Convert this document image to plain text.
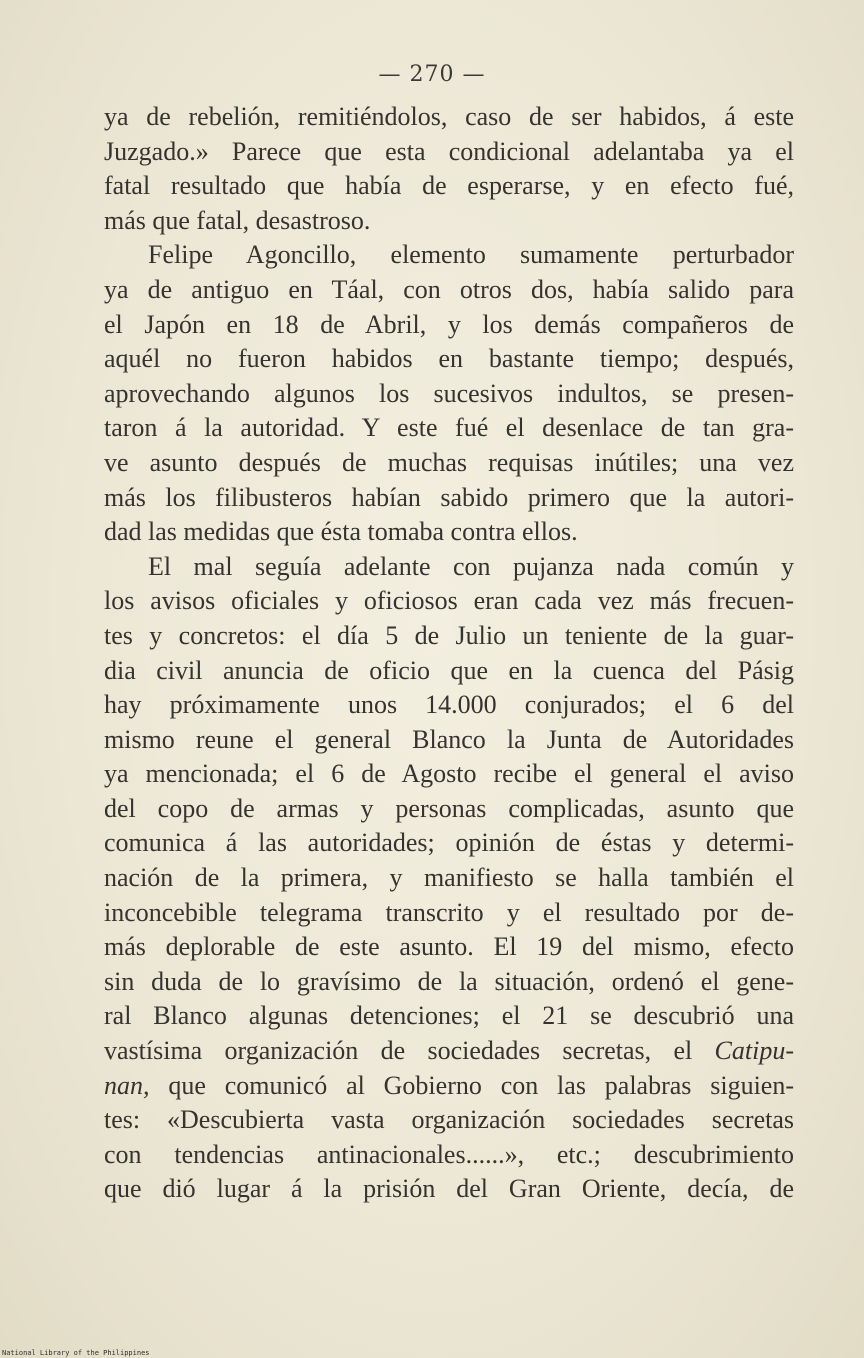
— 270 —
ya de rebelión, remitiéndolos, caso de ser habidos, á este
Juzgado.» Parece que esta condicional adelantaba ya el
fatal resultado que había de esperarse, y en efecto fué,
más que fatal, desastroso.
Felipe Agoncillo, elemento sumamente perturbador
ya de antiguo en Táal, con otros dos, había salido para
el Japón en 18 de Abril, y los demás compañeros de
aquél no fueron habidos en bastante tiempo; después,
aprovechando algunos los sucesivos indultos, se presen-
taron á la autoridad. Y este fué el desenlace de tan gra-
ve asunto después de muchas requisas inútiles; una vez
más los filibusteros habían sabido primero que la autori-
dad las medidas que ésta tomaba contra ellos.
El mal seguía adelante con pujanza nada común y
los avisos oficiales y oficiosos eran cada vez más frecuen-
tes y concretos: el día 5 de Julio un teniente de la guar-
dia civil anuncia de oficio que en la cuenca del Pásig
hay próximamente unos 14.000 conjurados; el 6 del
mismo reune el general Blanco la Junta de Autoridades
ya mencionada; el 6 de Agosto recibe el general el aviso
del copo de armas y personas complicadas, asunto que
comunica á las autoridades; opinión de éstas y determi-
nación de la primera, y manifiesto se halla también el
inconcebible telegrama transcrito y el resultado por de-
más deplorable de este asunto. El 19 del mismo, efecto
sin duda de lo gravísimo de la situación, ordenó el gene-
ral Blanco algunas detenciones; el 21 se descubrió una
vastísima organización de sociedades secretas, el Catipu-
nan, que comunicó al Gobierno con las palabras siguien-
tes: «Descubierta vasta organización sociedades secretas
con tendencias antinacionales......», etc.; descubrimiento
que dió lugar á la prisión del Gran Oriente, decía, de
National Library of the Philippines
